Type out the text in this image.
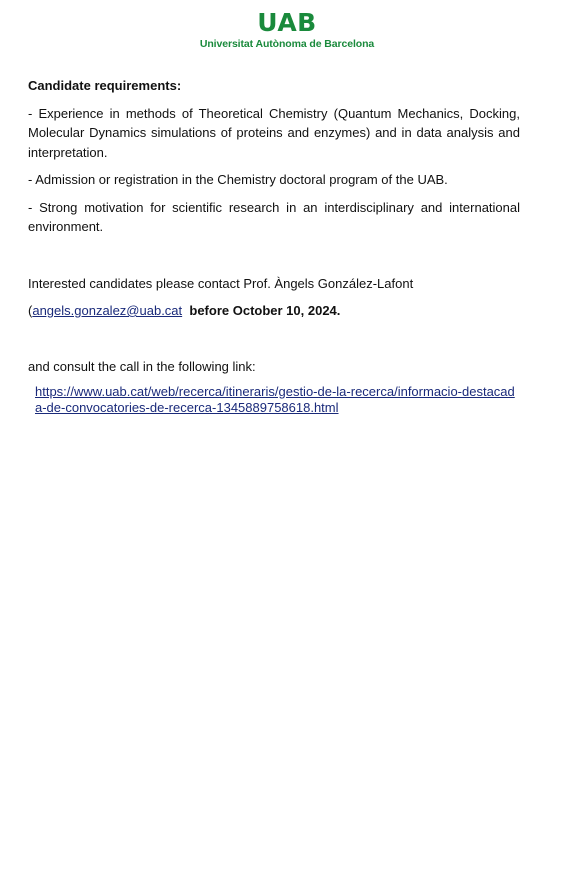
UAB
Universitat Autònoma de Barcelona

Candidate requirements:

- Experience in methods of Theoretical Chemistry (Quantum Mechanics, Docking, Molecular Dynamics simulations of proteins and enzymes) and in data analysis and interpretation.

- Admission or registration in the Chemistry doctoral program of the UAB.

- Strong motivation for scientific research in an interdisciplinary and international environment.

Interested candidates please contact Prof. Àngels González-Lafont

(angels.gonzalez@uab.cat before October 10, 2024.

and consult the call in the following link:

https://www.uab.cat/web/recerca/itineraris/gestio-de-la-recerca/informacio-destacada-de-convocatories-de-recerca-1345889758618.html
